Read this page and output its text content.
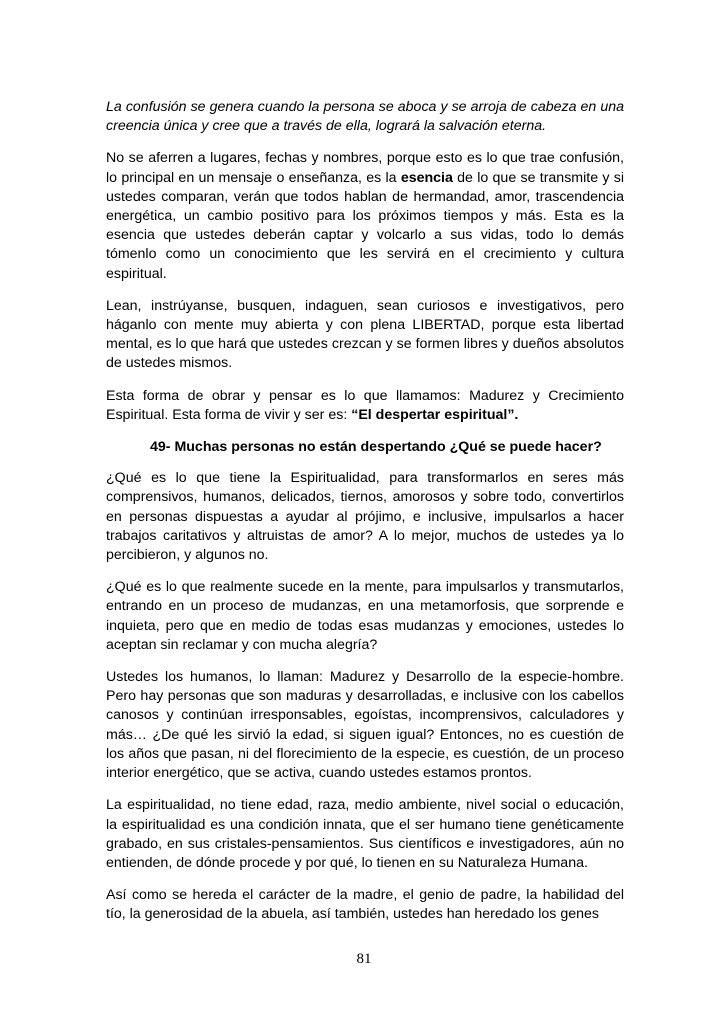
La confusión se genera cuando la persona se aboca y se arroja de cabeza en una creencia única y cree que a través de ella, logrará la salvación eterna.

No se aferren a lugares, fechas y nombres, porque esto es lo que trae confusión, lo principal en un mensaje o enseñanza, es la esencia de lo que se transmite y si ustedes comparan, verán que todos hablan de hermandad, amor, trascendencia energética, un cambio positivo para los próximos tiempos y más. Esta es la esencia que ustedes deberán captar y volcarlo a sus vidas, todo lo demás tómenlo como un conocimiento que les servirá en el crecimiento y cultura espiritual.

Lean, instrúyanse, busquen, indaguen, sean curiosos e investigativos, pero háganlo con mente muy abierta y con plena LIBERTAD, porque esta libertad mental, es lo que hará que ustedes crezcan y se formen libres y dueños absolutos de ustedes mismos.

Esta forma de obrar y pensar es lo que llamamos: Madurez y Crecimiento Espiritual. Esta forma de vivir y ser es: “El despertar espiritual”.

49- Muchas personas no están despertando ¿Qué se puede hacer?

¿Qué es lo que tiene la Espiritualidad, para transformarlos en seres más comprensivos, humanos, delicados, tiernos, amorosos y sobre todo, convertirlos en personas dispuestas a ayudar al prójimo, e inclusive, impulsarlos a hacer trabajos caritativos y altruistas de amor? A lo mejor, muchos de ustedes ya lo percibieron, y algunos no.

¿Qué es lo que realmente sucede en la mente, para impulsarlos y transmutarlos, entrando en un proceso de mudanzas, en una metamorfosis, que sorprende e inquieta, pero que en medio de todas esas mudanzas y emociones, ustedes lo aceptan sin reclamar y con mucha alegría?

Ustedes los humanos, lo llaman: Madurez y Desarrollo de la especie-hombre. Pero hay personas que son maduras y desarrolladas, e inclusive con los cabellos canosos y continúan irresponsables, egoístas, incomprensivos, calculadores y más… ¿De qué les sirvió la edad, si siguen igual? Entonces, no es cuestión de los años que pasan, ni del florecimiento de la especie, es cuestión, de un proceso interior energético, que se activa, cuando ustedes estamos prontos.

La espiritualidad, no tiene edad, raza, medio ambiente, nivel social o educación, la espiritualidad es una condición innata, que el ser humano tiene genéticamente grabado, en sus cristales-pensamientos. Sus científicos e investigadores, aún no entienden, de dónde procede y por qué, lo tienen en su Naturaleza Humana.

Así como se hereda el carácter de la madre, el genio de padre, la habilidad del tío, la generosidad de la abuela, así también, ustedes han heredado los genes

81
